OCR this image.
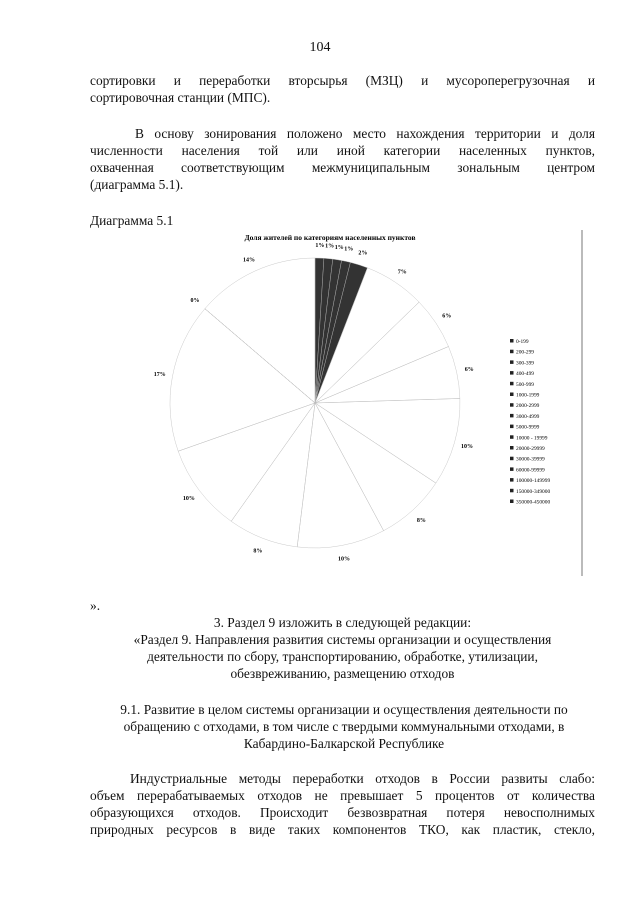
104
сортировки и переработки вторсырья (МЗЦ) и мусороперегрузочная и
сортировочная станции (МПС).
В основу зонирования положено место нахождения территории и доля
численности населения той или иной категории населенных пунктов,
охваченная соответствующим межмуниципальным зональным центром
(диаграмма 5.1).
Диаграмма 5.1
Доля жителей по категориям населенных пунктов
1% 1% 1% 1%
2%
7%
6%
6%
10%
8%
10%
8%
10%
17%
0%
14%
0-199
200-299
300-399
400-499
500-999
1000-1999
2000-2999
3000-4999
5000-9999
10000 - 19999
20000-29999
30000-39999
60000-99999
100000-149999
150000-349000
350000-450000
».
3. Раздел 9 изложить в следующей редакции:
«Раздел 9. Направления развития системы организации и осуществления
деятельности по сбору, транспортированию, обработке, утилизации,
обезвреживанию, размещению отходов
9.1. Развитие в целом системы организации и осуществления деятельности по
обращению с отходами, в том числе с твердыми коммунальными отходами, в
Кабардино-Балкарской Республике
Индустриальные методы переработки отходов в России развиты слабо:
объем перерабатываемых отходов не превышает 5 процентов от количества
образующихся отходов. Происходит безвозвратная потеря невосполнимых
природных ресурсов в виде таких компонентов ТКО, как пластик, стекло,
